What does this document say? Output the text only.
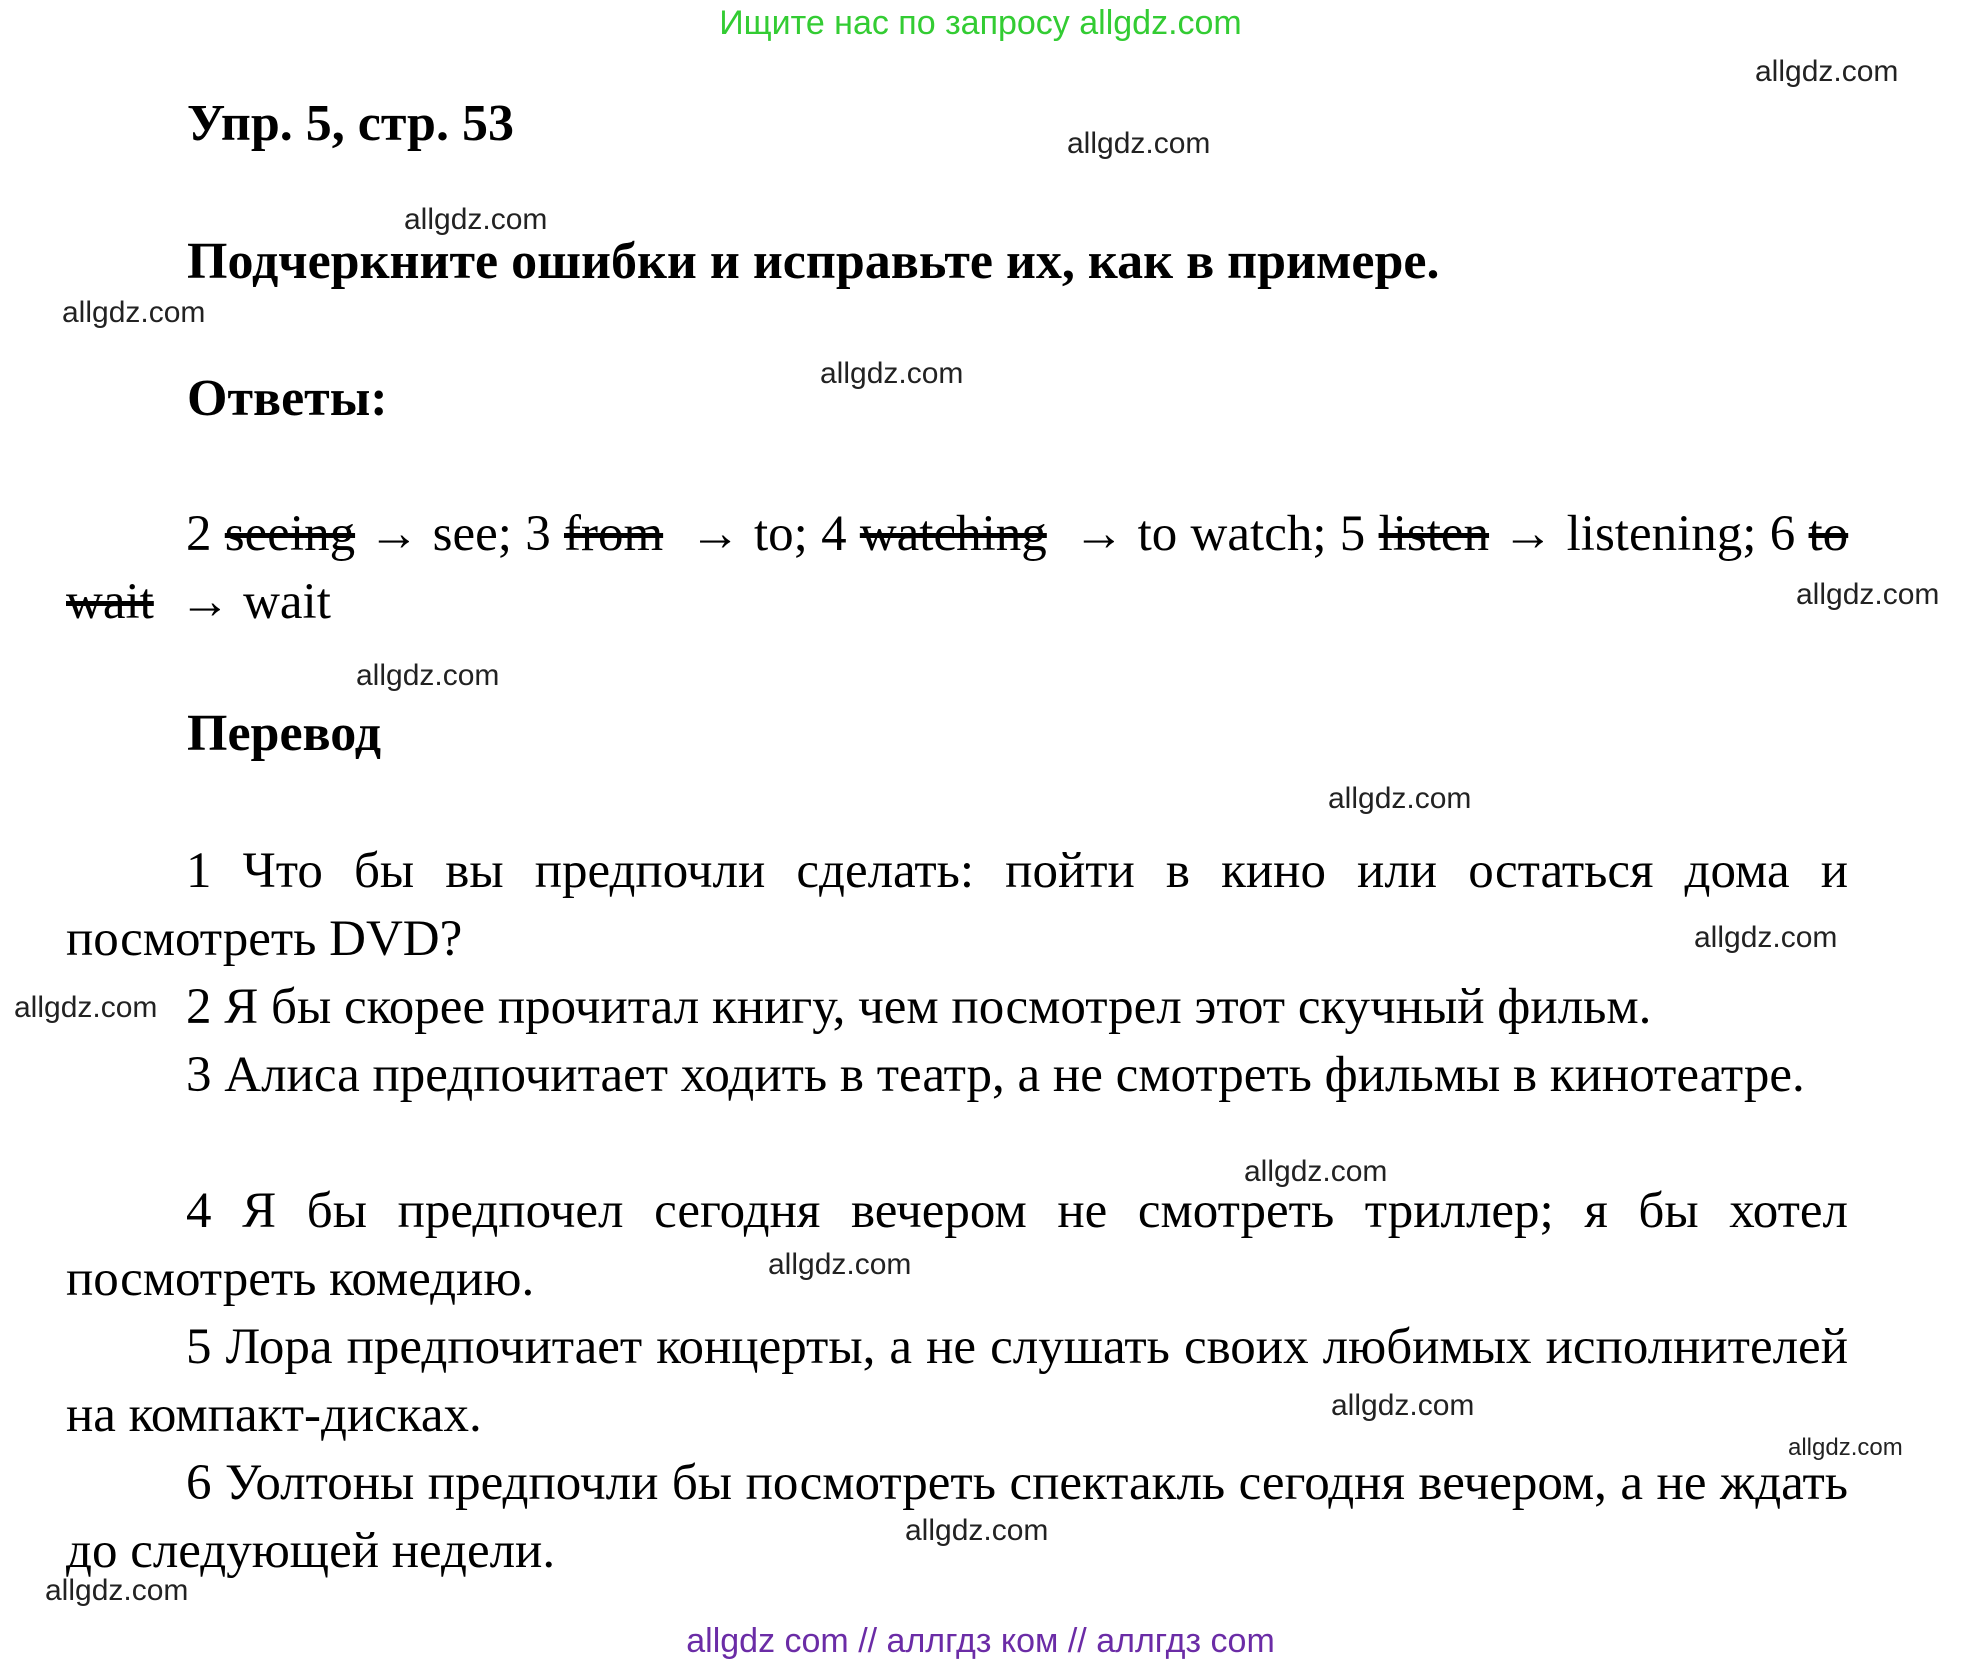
Ищите нас по запросу allgdz.com
Упр. 5, стр. 53
Подчеркните ошибки и исправьте их, как в примере.
Ответы:
2 seeing → see; 3 from → to; 4 watching → to watch; 5 listen → listening; 6 to wait → wait
Перевод
1 Что бы вы предпочли сделать: пойти в кино или остаться дома и посмотреть DVD?
2 Я бы скорее прочитал книгу, чем посмотрел этот скучный фильм.
3 Алиса предпочитает ходить в театр, а не смотреть фильмы в кинотеатре.
4 Я бы предпочел сегодня вечером не смотреть триллер; я бы хотел посмотреть комедию.
5 Лора предпочитает концерты, а не слушать своих любимых исполнителей на компакт-дисках.
6 Уолтоны предпочли бы посмотреть спектакль сегодня вечером, а не ждать до следующей недели.
allgdz.com
allgdz.com
allgdz.com
allgdz.com
allgdz.com
allgdz.com
allgdz.com
allgdz.com
allgdz.com
allgdz.com
allgdz.com
allgdz.com
allgdz.com
allgdz.com
allgdz.com
allgdz.com
allgdz com // аллгдз ком // аллгдз com
